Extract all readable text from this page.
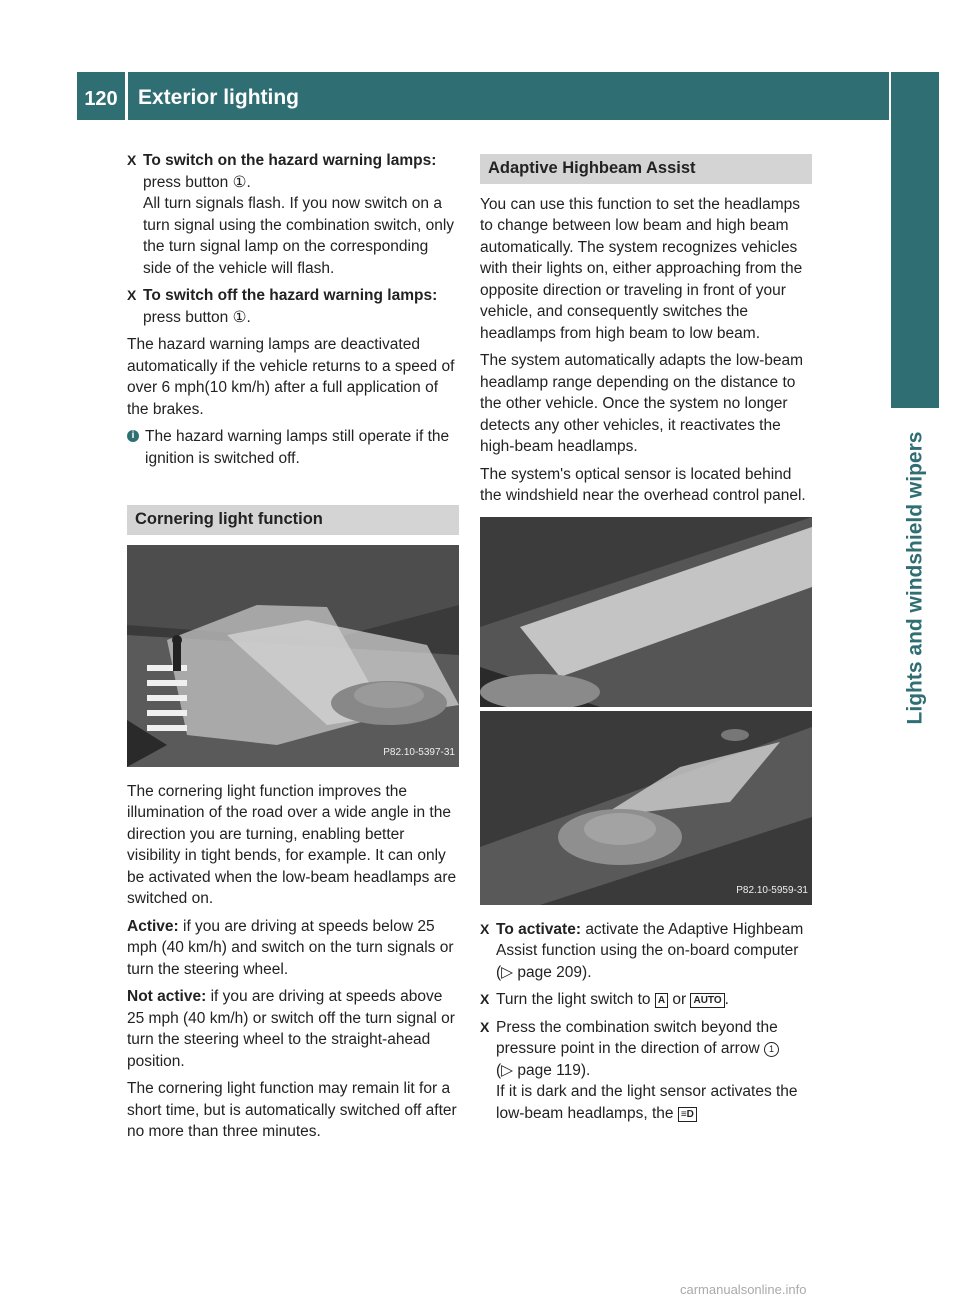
120 Exterior lighting
Lights and windshield wipers
X To switch on the hazard warning lamps:
press button ①.
All turn signals flash. If you now switch on a turn signal using the combination switch, only the turn signal lamp on the corresponding side of the vehicle will flash.
X To switch off the hazard warning lamps: press button ①.

The hazard warning lamps are deactivated automatically if the vehicle returns to a speed of over 6 mph(10 km/h) after a full application of the brakes.

i The hazard warning lamps still operate if the ignition is switched off.
Cornering light function
P82.10-5397-31

The cornering light function improves the illumination of the road over a wide angle in the direction you are turning, enabling better visibility in tight bends, for example. It can only be activated when the low-beam headlamps are switched on.

Active: if you are driving at speeds below 25 mph (40 km/h) and switch on the turn signals or turn the steering wheel.

Not active: if you are driving at speeds above 25 mph (40 km/h) or switch off the turn signal or turn the steering wheel to the straight-ahead position.

The cornering light function may remain lit for a short time, but is automatically switched off after no more than three minutes.

Adaptive Highbeam Assist

You can use this function to set the headlamps to change between low beam and high beam automatically. The system recognizes vehicles with their lights on, either approaching from the opposite direction or traveling in front of your vehicle, and consequently switches the headlamps from high beam to low beam.

The system automatically adapts the low-beam headlamp range depending on the distance to the other vehicle. Once the system no longer detects any other vehicles, it reactivates the high-beam headlamps.

The system's optical sensor is located behind the windshield near the overhead control panel.

P82.10-5959-31
X To activate: activate the Adaptive Highbeam Assist function using the on-board computer (▷ page 209).
X Turn the light switch to A or AUTO .
X Press the combination switch beyond the pressure point in the direction of arrow 1
(▷ page 119).
If it is dark and the light sensor activates the low-beam headlamps, the ≡D
carmanualsonline.info
